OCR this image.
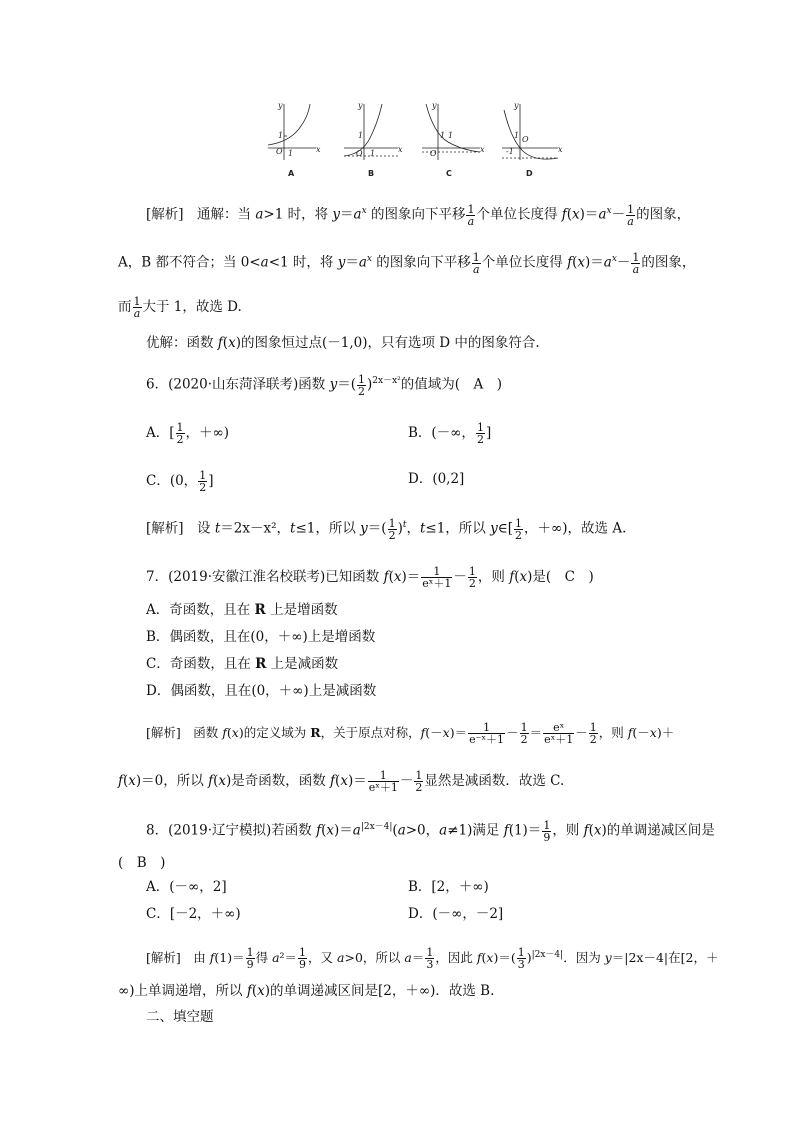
y
x
O
1
1
y
x
O
1
1
y
x
O
1 1
y
x
O
1
-1
A	B	C	D
[解析]　通解：当 a>1 时，将 $y=a^x$ 的图象向下平移 $\frac{1}{a}$ 个单位长度得 $f(x)=a^x- \frac{1}{a}$ 的图象，
A，B 都不符合；当 0<a<1 时，将 $y=a^x$ 的图象向下平移 $\frac{1}{a}$ 个单位长度得 $f(x)=a^x- \frac{1}{a}$ 的图象，
而 $\frac{1}{a}$ 大于 1，故选 D.
优解：函数 f(x)的图象恒过点(－1,0)，只有选项 D 中的图象符合.
6．(2020·山东菏泽联考)函数 $y=( \frac{1}{2} )^{2x-x^2}$的值域为(　A　)
A．[ $\frac{1}{2}$ ，＋∞)	B．(－∞， $\frac{1}{2}$ ]
C．(0， $\frac{1}{2}$ ]	D．(0,2]
[解析]　设 t＝2x－x²，t≤1，所以 $y=( \frac{1}{2} )^t$，t≤1，所以 y∈[ $\frac{1}{2}$ ，＋∞)，故选 A.
7．(2019·安徽江淮名校联考)已知函数 $f(x)= \frac{1}{\text{eˣ＋1}} - \frac{1}{2}$ ，则 f(x)是(　C　)
A．奇函数，且在 R 上是增函数
B．偶函数，且在(0，＋∞)上是增函数
C．奇函数，且在 R 上是减函数
D．偶函数，且在(0，＋∞)上是减函数
[解析]　函数 f(x)的定义域为 R，关于原点对称，$f(-x)= \frac{1}{\text{e⁻ˣ＋1}} - \frac{1}{2} = \frac{\text{eˣ}}{\text{eˣ＋1}} - \frac{1}{2}$ ，则 f(－x)＋
f(x)＝0，所以 f(x)是奇函数，函数 $f(x)= \frac{1}{\text{eˣ＋1}} - \frac{1}{2}$ 显然是减函数．故选 C.
8．(2019·辽宁模拟)若函数 $f(x)=a^{|2x-4|}(a>0$，a≠1)满足 $f(1)= \frac{1}{9}$ ，则 f(x)的单调递减区间是
(　B　)
A．(－∞，2]	B．[2，＋∞)
C．[－2，＋∞)	D．(－∞，－2]
[解析]　由 $f(1)= \frac{1}{9}$ 得 $a^2= \frac{1}{9}$ ，又 a>0，所以 $a= \frac{1}{3}$ ，因此 $f(x)=( \frac{1}{3} )^{|2x-4|}$．因为 y＝|2x－4|在[2，＋
∞)上单调递增，所以 f(x)的单调递减区间是[2，＋∞)．故选 B.
二、填空题
